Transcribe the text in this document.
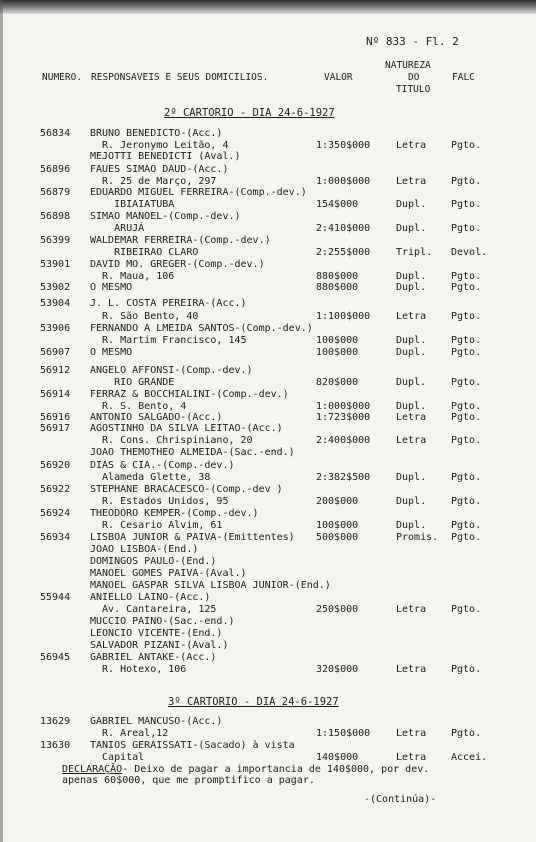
Nº 833 - Fl. 2
NUMERO. RESPONSAVEIS E SEUS DOMICILIOS.	VALOR
NATUREZA
DO
TITULO
FALC
2º CARTORIO - DIA 24-6-1927
3º CARTORIO - DIA 24-6-1927
56834 BRUNO BENEDICTO-(Acc.)
R. Jeronymo Leitão, 4	1:350$000	Letra Pgto.
MEJOTTI BENEDICTI (Aval.)
56896 FAUES SIMAO DAUD-(Acc.)
R. 25 de Março, 297	1:000$000	Letra Pgto.
56879 EDUARDO MIGUEL FERREIRA-(Comp.-dev.)
IBIAIATUBA	154$000	Dupl. Pgto.
56898 SIMAO MANOEL-(Comp.-dev.)
ARUJÁ	2:410$000	Dupl. Pgto.
56399 WALDEMAR FERREIRA-(Comp.-dev.)
RIBEIRAO CLARO	2:255$000	Tripl. Devol.
53901 DAVID MO. GREGER-(Comp.-dev.)
R. Maua, 106	880$000	Dupl. Pgto.
53902 O MESMO	880$000	Dupl. Pgto.
53904 J. L. COSTA PEREIRA-(Acc.)
R. São Bento, 40	1:100$000	Letra Pgto.
53906 FERNANDO A LMEIDA SANTOS-(Comp.-dev.)
R. Martim Francisco, 145	100$000	Dupl. Pgto.
56907 O MESMO	100$000	Dupl. Pgto.
56912 ANGELO AFFONSI-(Comp.-dev.)
RIO GRANDE	820$000	Dupl. Pgto.
56914 FERRAZ & BOCCHIALINI-(Comp.-dev.)
R. S. Bento, 4	1:000$000	Dupl. Pgto.
56916 ANTONIO SALGADO-(Acc.)	1:723$000	Letra Pgto.
56917 AGOSTINHO DA SILVA LEITAO-(Acc.)
R. Cons. Chrispiniano, 20	2:400$000	Letra Pgto.
JOAO THEMOTHEO ALMEIDA-(Sac.-end.)
56920 DIAS & CIA.-(Comp.-dev.)
Alameda Glette, 38	2:382$500	Dupl. Pgto.
56922 STEPHANE BRACACESCO-(Comp.-dev )
R. Estados Unidos, 95	200$000	Dupl. Pgto.
56924 THEODORO KEMPER-(Comp.-dev.)
R. Cesario Alvim, 61	100$000	Dupl. Pgto.
56934 LISBOA JUNIOR & PAIVA-(Emittentes) 500$000	Promis. Pgto.
JOAO LISBOA-(End.)
DOMINGOS PAULO-(End.)
MANOEL GOMES PAIVA-(Aval.)
MANOEL GASPAR SILVA LISBOA JUNIOR-(End.)
55944 ANIELLO LAINO-(Acc.)
Av. Cantareira, 125	250$000	Letra Pgto.
MUCCIO PAINO-(Sac.-end.)
LEONCIO VICENTE-(End.)
SALVADOR PIZANI-(Aval.)
56945 GABRIEL ANTAKE-(Acc.)
R. Hotexo, 106	320$000	Letra Pgto.
13629 GABRIEL MANCUSO-(Acc.)
R. Areal,12	1:150$000	Letra Pgto.
13630 TANIOS GERAISSATI-(Sacado) à vista
Capital	140$000	Letra Accei.
DECLARAÇÃO- Deixo de pagar a importancia de 140$000, por dev.
apenas 60$000, que me promptifico a pagar.
-(Continúa)-
